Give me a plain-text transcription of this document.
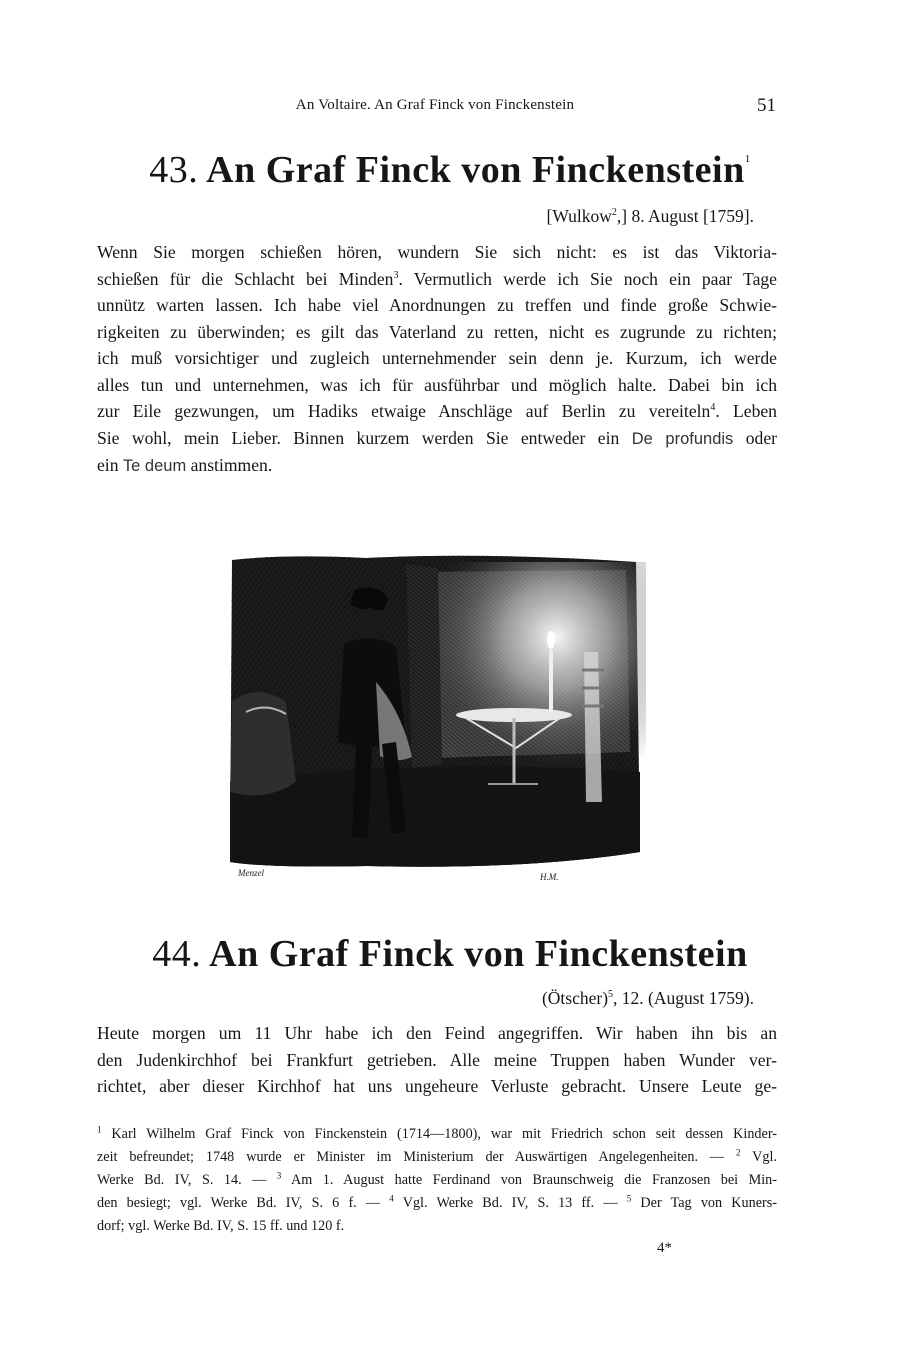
An Voltaire. An Graf Finck von Finckenstein	51
43. An Graf Finck von Finckenstein$^1$
[Wulkow$^2$,] 8. August [1759].

Wenn Sie morgen schießen hören, wundern Sie sich nicht: es ist das Viktoria-
schießen für die Schlacht bei Minden$^3$. Vermutlich werde ich Sie noch ein paar Tage
unnütz warten lassen. Ich habe viel Anordnungen zu treffen und finde große Schwie-
rigkeiten zu überwinden; es gilt das Vaterland zu retten, nicht es zugrunde zu richten;
ich muß vorsichtiger und zugleich unternehmender sein denn je. Kurzum, ich werde
alles tun und unternehmen, was ich für ausführbar und möglich halte. Dabei bin ich
zur Eile gezwungen, um Hadiks etwaige Anschläge auf Berlin zu vereiteln$^4$. Leben
Sie wohl, mein Lieber. Binnen kurzem werden Sie entweder ein De profundis oder
ein Te deum anstimmen.

Menzel	H.M.
44. An Graf Finck von Finckenstein
(Ötscher)$^5$, 12. (August 1759).

Heute morgen um 11 Uhr habe ich den Feind angegriffen. Wir haben ihn bis an
den Judenkirchhof bei Frankfurt getrieben. Alle meine Truppen haben Wunder ver-
richtet, aber dieser Kirchhof hat uns ungeheure Verluste gebracht. Unsere Leute ge-

$^1$ Karl Wilhelm Graf Finck von Finckenstein (1714—1800), war mit Friedrich schon seit dessen Kinder-
zeit befreundet; 1748 wurde er Minister im Ministerium der Auswärtigen Angelegenheiten. — $^2$ Vgl.
Werke Bd. IV, S. 14. — $^3$ Am 1. August hatte Ferdinand von Braunschweig die Franzosen bei Min-
den besiegt; vgl. Werke Bd. IV, S. 6 f. — $^4$ Vgl. Werke Bd. IV, S. 13 ff. — $^5$ Der Tag von Kuners-
dorf; vgl. Werke Bd. IV, S. 15 ff. und 120 f.

4*
